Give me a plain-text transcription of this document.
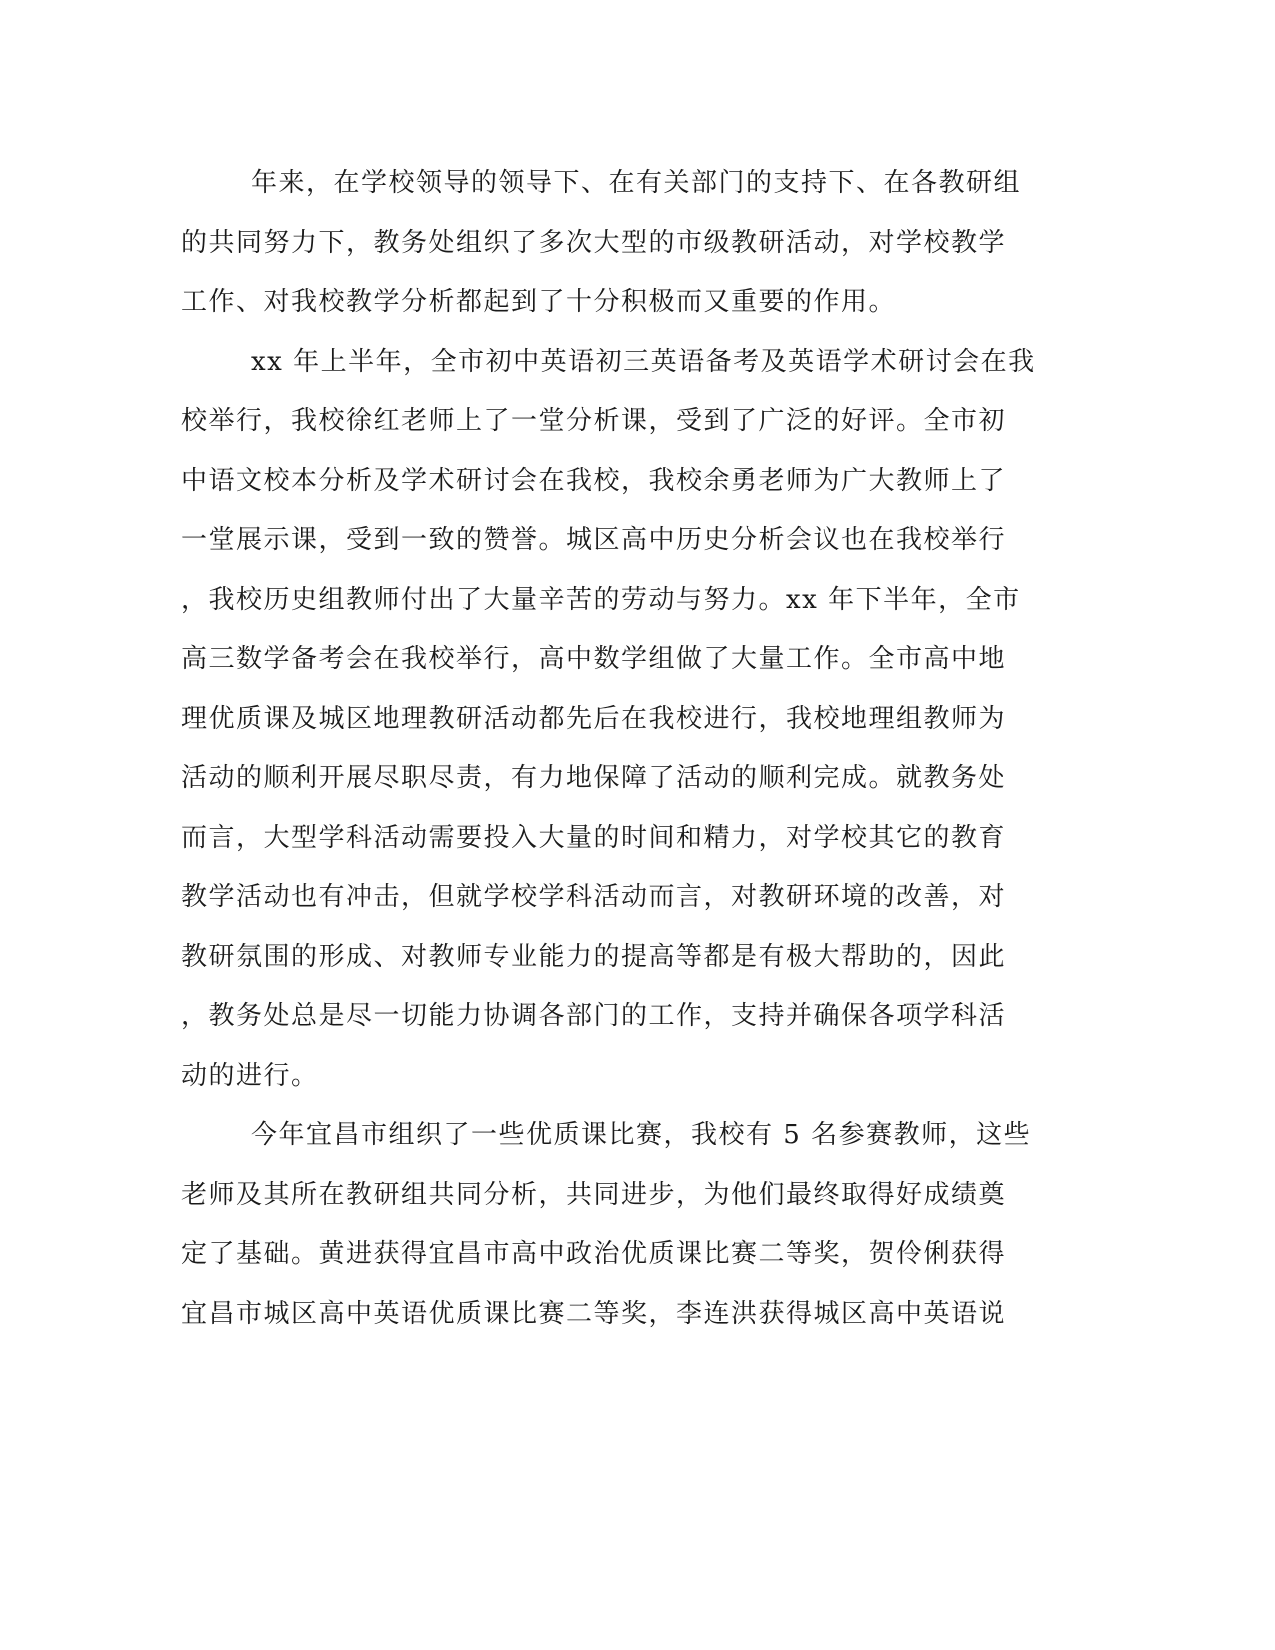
年来，在学校领导的领导下、在有关部门的支持下、在各教研组
的共同努力下，教务处组织了多次大型的市级教研活动，对学校教学
工作、对我校教学分析都起到了十分积极而又重要的作用。
xx 年上半年，全市初中英语初三英语备考及英语学术研讨会在我
校举行，我校徐红老师上了一堂分析课，受到了广泛的好评。全市初
中语文校本分析及学术研讨会在我校，我校余勇老师为广大教师上了
一堂展示课，受到一致的赞誉。城区高中历史分析会议也在我校举行
，我校历史组教师付出了大量辛苦的劳动与努力。xx 年下半年，全市
高三数学备考会在我校举行，高中数学组做了大量工作。全市高中地
理优质课及城区地理教研活动都先后在我校进行，我校地理组教师为
活动的顺利开展尽职尽责，有力地保障了活动的顺利完成。就教务处
而言，大型学科活动需要投入大量的时间和精力，对学校其它的教育
教学活动也有冲击，但就学校学科活动而言，对教研环境的改善，对
教研氛围的形成、对教师专业能力的提高等都是有极大帮助的，因此
，教务处总是尽一切能力协调各部门的工作，支持并确保各项学科活
动的进行。
今年宜昌市组织了一些优质课比赛，我校有 5 名参赛教师，这些
老师及其所在教研组共同分析，共同进步，为他们最终取得好成绩奠
定了基础。黄进获得宜昌市高中政治优质课比赛二等奖，贺伶俐获得
宜昌市城区高中英语优质课比赛二等奖，李连洪获得城区高中英语说
